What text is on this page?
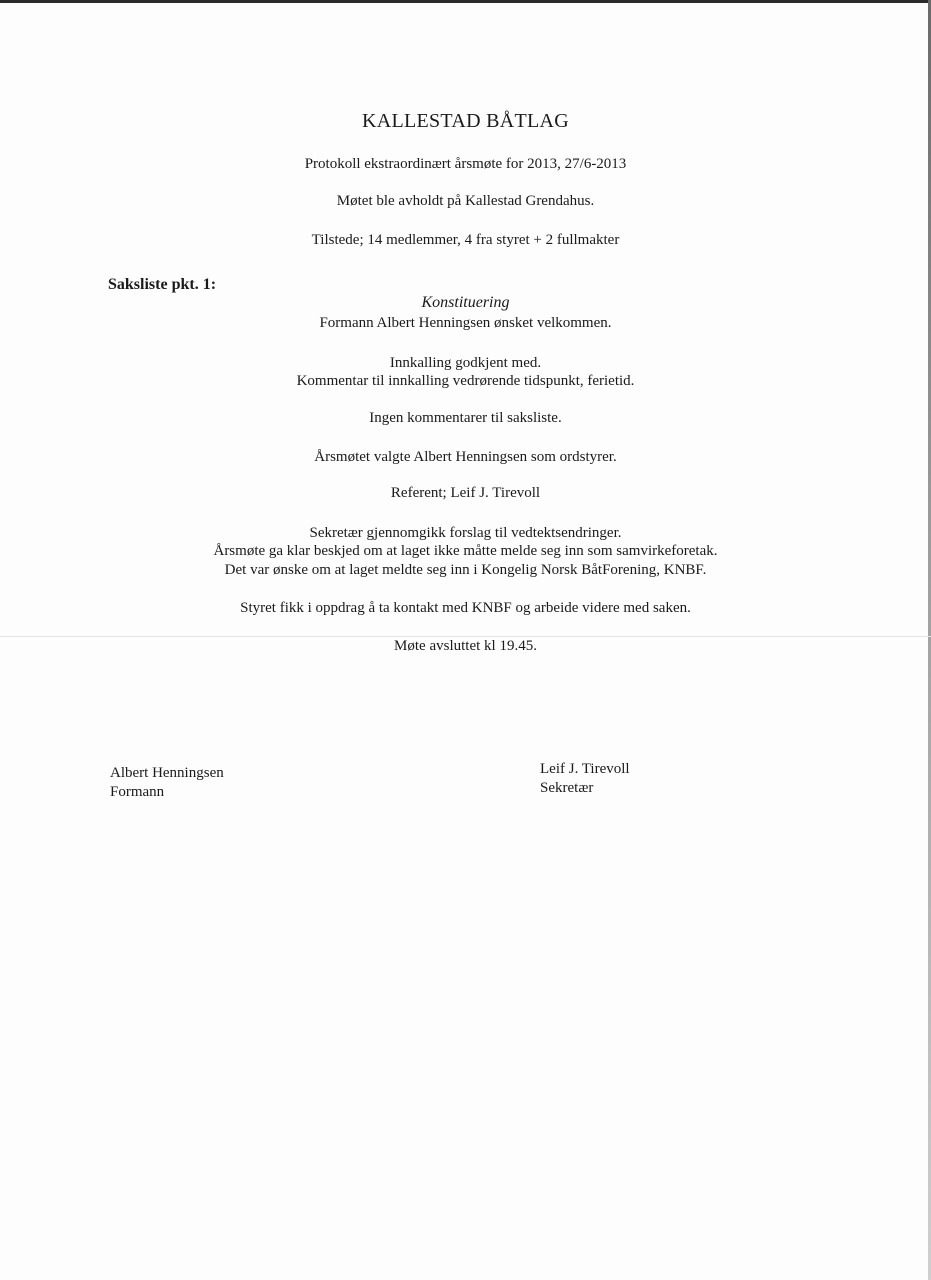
KALLESTAD BÅTLAG
Protokoll ekstraordinært årsmøte for 2013, 27/6-2013
Møtet ble avholdt på Kallestad Grendahus.
Tilstede; 14 medlemmer, 4 fra styret + 2 fullmakter
Saksliste pkt. 1:
Konstituering
Formann Albert Henningsen ønsket velkommen.
Innkalling godkjent med.
Kommentar til innkalling vedrørende tidspunkt, ferietid.
Ingen kommentarer til saksliste.
Årsmøtet valgte Albert Henningsen som ordstyrer.
Referent; Leif J. Tirevoll
Sekretær gjennomgikk forslag til vedtektsendringer.
Årsmøte ga klar beskjed om at laget ikke måtte melde seg inn som samvirkeforetak.
Det var ønske om at laget meldte seg inn i Kongelig Norsk BåtForening, KNBF.
Styret fikk i oppdrag å ta kontakt med KNBF og arbeide videre med saken.
Møte avsluttet kl 19.45.
Albert Henningsen
Formann
Leif J. Tirevoll
Sekretær
